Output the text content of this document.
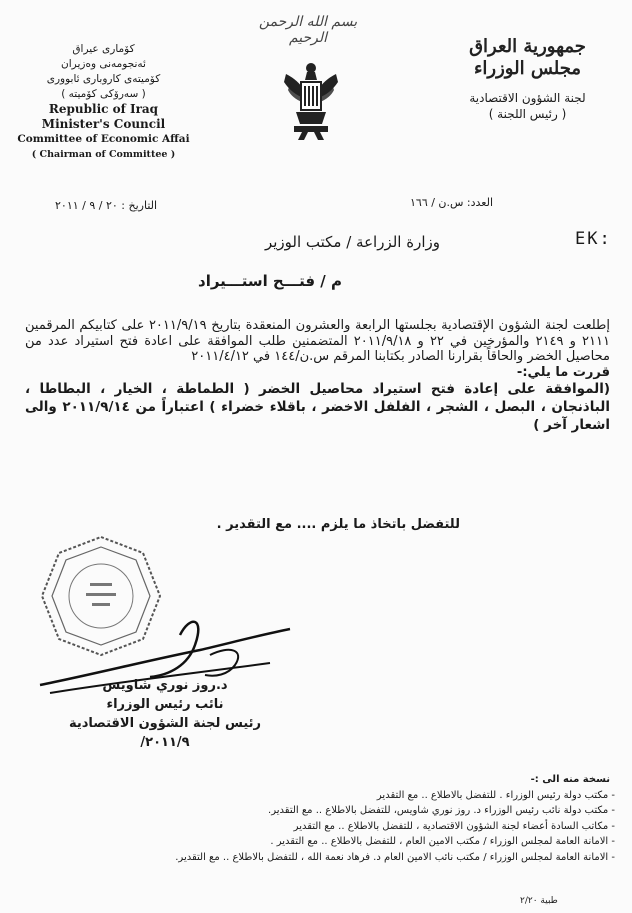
کۆماری عیراق
ئه‌نجومه‌نی وه‌زیران
کۆمیته‌ی کاروباری ئابووری
( سه‌رۆکی کۆمیته‌ )
Republic of Iraq
Minister's Council
Committee of Economic Affai
( Chairman of Committee )
بسم الله الرحمن الرحيم	جمهورية العراق
مجلس الوزراء
لجنة الشؤون الاقتصادية
( رئيس اللجنة )
العدد: س.ن / ١٦٦
التاريخ : ٢٠ / ٩ / ٢٠١١
EK:
وزارة الزراعة / مكتب الوزير
م / فتـــح استـــيراد

إطلعت لجنة الشؤون الإقتصادية بجلستها الرابعة والعشرون المنعقدة بتاريخ ٢٠١١/٩/١٩ على كتابيكم المرقمين ٢١١١ و ٢١٤٩ والمؤرخين في ٢٢ و ٢٠١١/٩/١٨ المتضمنين طلب الموافقة على اعادة فتح استيراد عدد من محاصيل الخضر والحاقاً بقرارنا الصادر بكتابنا المرقم س.ن/١٤٤ في ٢٠١١/٤/١٢

قررت ما يلي:-

(الموافقة على إعادة فتح استيراد محاصيل الخضر ( الطماطة ، الخيار ، البطاطا ، الباذنجان ، البصل ، الشجر ، الفلفل الاخضر ، باقلاء خضراء ) اعتباراً من ٢٠١١/٩/١٤ والى اشعار آخر )

للتفضل باتخاذ ما يلزم .... مع التقدير .
د.روز نوري شاويس
نائب رئيس الوزراء
رئيس لجنة الشؤون الاقتصادية
٢٠١١/٩/
نسخة منه الى :-
- مكتب دولة رئيس الوزراء . للتفضل بالاطلاع .. مع التقدير
- مكتب دولة نائب رئيس الوزراء د. روز نوري شاويس، للتفضل بالاطلاع .. مع التقدير.
- مكاتب السادة أعضاء لجنة الشؤون الاقتصادية ، للتفضل بالاطلاع .. مع التقدير
- الامانة العامة لمجلس الوزراء / مكتب الامين العام ، للتفضل بالاطلاع .. مع التقدير .
- الامانة العامة لمجلس الوزراء / مكتب نائب الامين العام د. فرهاد نعمة الله ، للتفضل بالاطلاع .. مع التقدير.
طبية ٢/٢٠
